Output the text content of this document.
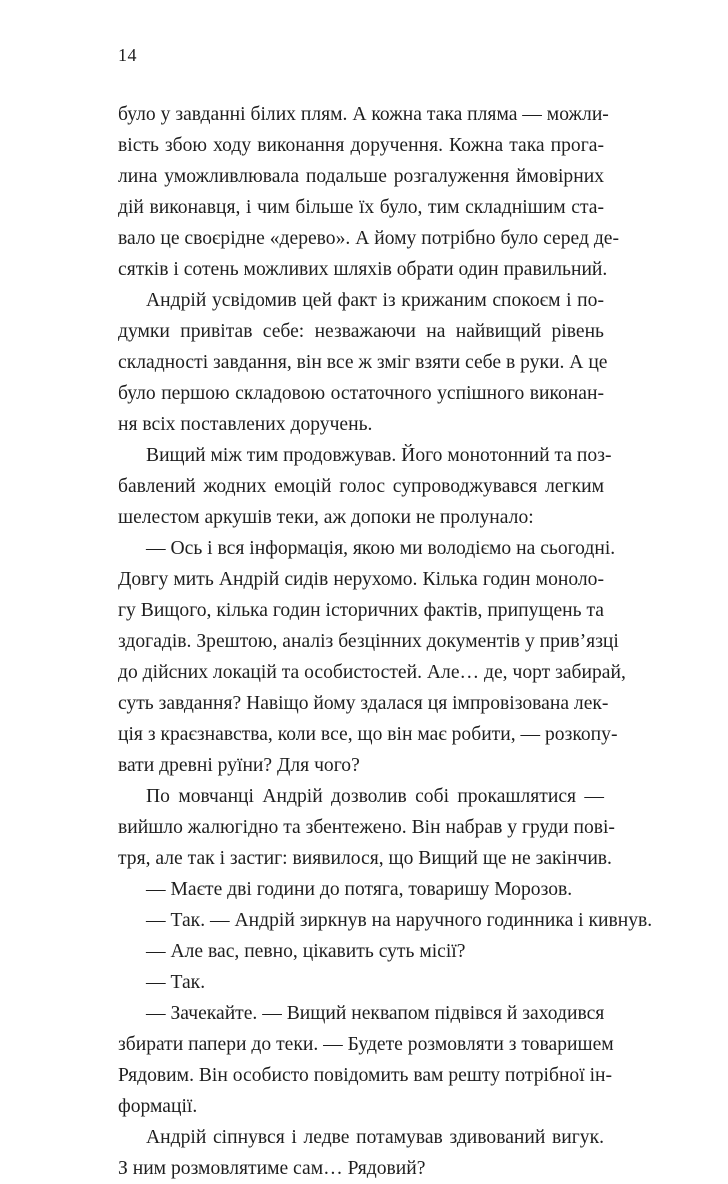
14
було у завданні білих плям. А кожна така пляма — можли-
вість збою ходу виконання доручення. Кожна така прога-
лина уможливлювала подальше розгалуження ймовірних
дій виконавця, і чим більше їх було, тим складнішим ста-
вало це своєрідне «дерево». А йому потрібно було серед де-
сятків і сотень можливих шляхів обрати один правильний.
Андрій усвідомив цей факт із крижаним спокоєм і по-
думки привітав себе: незважаючи на найвищий рівень
складності завдання, він все ж зміг взяти себе в руки. А це
було першою складовою остаточного успішного виконан-
ня всіх поставлених доручень.
Вищий між тим продовжував. Його монотонний та поз-
бавлений жодних емоцій голос супроводжувався легким
шелестом аркушів теки, аж допоки не пролунало:
— Ось і вся інформація, якою ми володіємо на сьогодні.
Довгу мить Андрій сидів нерухомо. Кілька годин моноло-
гу Вищого, кілька годин історичних фактів, припущень та
здогадів. Зрештою, аналіз безцінних документів у прив’язці
до дійсних локацій та особистостей. Але… де, чорт забирай,
суть завдання? Навіщо йому здалася ця імпровізована лек-
ція з краєзнавства, коли все, що він має робити, — розкопу-
вати древні руїни? Для чого?
По мовчанці Андрій дозволив собі прокашлятися —
вийшло жалюгідно та збентежено. Він набрав у груди пові-
тря, але так і застиг: виявилося, що Вищий ще не закінчив.
— Маєте дві години до потяга, товаришу Морозов.
— Так. — Андрій зиркнув на наручного годинника і кивнув.
— Але вас, певно, цікавить суть місії?
— Так.
— Зачекайте. — Вищий неквапом підвівся й заходився
збирати папери до теки. — Будете розмовляти з товаришем
Рядовим. Він особисто повідомить вам решту потрібної ін-
формації.
Андрій сіпнувся і ледве потамував здивований вигук.
З ним розмовлятиме сам… Рядовий?
